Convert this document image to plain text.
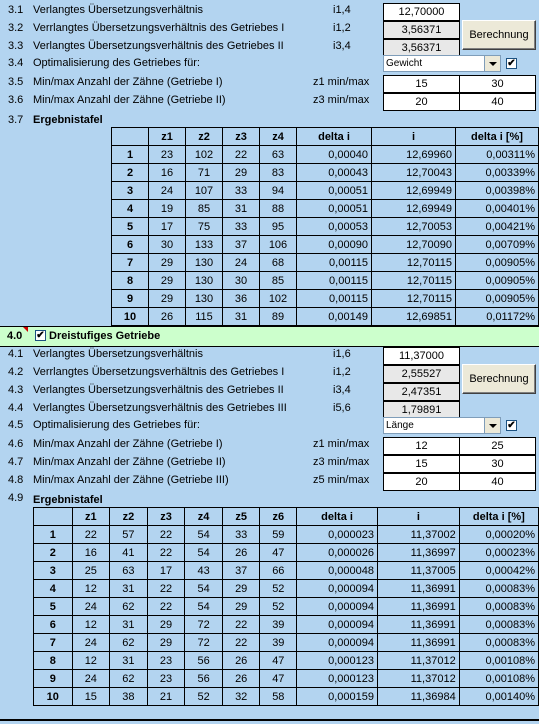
3.1 Verlangtes Übersetzungsverhältnis	i1,4	12,70000
3.2 Verrlangtes Übersetzungsverhältnis des Getriebes I	i1,2	3,56371
3.3 Verlangtes Übersetzungsverhältnis des Getriebes II	i3,4	3,56371
3.4 Optimalisierung des Getriebes für:	Gewicht	✔
3.5 Min/max Anzahl der Zähne (Getriebe I)	z1 min/max	15	30
3.6 Min/max Anzahl der Zähne (Getriebe II)	z3 min/max	20	40
Berechnung
3.7 Ergebnistafel
	z1	z2	z3	z4	delta i	i	delta i [%]
1	23	102	22	63	0,00040	12,69960	0,00311%
2	16	71	29	83	0,00043	12,70043	0,00339%
3	24	107	33	94	0,00051	12,69949	0,00398%
4	19	85	31	88	0,00051	12,69949	0,00401%
5	17	75	33	95	0,00053	12,70053	0,00421%
6	30	133	37	106	0,00090	12,70090	0,00709%
7	29	130	24	68	0,00115	12,70115	0,00905%
8	29	130	30	85	0,00115	12,70115	0,00905%
9	29	130	36	102	0,00115	12,70115	0,00905%
10	26	115	31	89	0,00149	12,69851	0,01172%
4.0 ✔ Dreistufiges Getriebe
4.1 Verlangtes Übersetzungsverhältnis	i1,6	11,37000
4.2 Verrlangtes Übersetzungsverhältnis des Getriebes I	i1,2	2,55527
4.3 Verlangtes Übersetzungsverhältnis des Getriebes II	i3,4	2,47351
4.4 Verlangtes Übersetzungsverhältnis des Getriebes III	i5,6	1,79891
4.5 Optimalisierung des Getriebes für:	Länge	✔
4.6 Min/max Anzahl der Zähne (Getriebe I)	z1 min/max	12	25
4.7 Min/max Anzahl der Zähne (Getriebe II)	z3 min/max	15	30
4.8 Min/max Anzahl der Zähne (Getriebe III)	z5 min/max	20	40
Berechnung
4.9 Ergebnistafel
	z1	z2	z3	z4	z5	z6	delta i	i	delta i [%]
1	22	57	22	54	33	59	0,000023	11,37002	0,00020%
2	16	41	22	54	26	47	0,000026	11,36997	0,00023%
3	25	63	17	43	37	66	0,000048	11,37005	0,00042%
4	12	31	22	54	29	52	0,000094	11,36991	0,00083%
5	24	62	22	54	29	52	0,000094	11,36991	0,00083%
6	12	31	29	72	22	39	0,000094	11,36991	0,00083%
7	24	62	29	72	22	39	0,000094	11,36991	0,00083%
8	12	31	23	56	26	47	0,000123	11,37012	0,00108%
9	24	62	23	56	26	47	0,000123	11,37012	0,00108%
10	15	38	21	52	32	58	0,000159	11,36984	0,00140%
